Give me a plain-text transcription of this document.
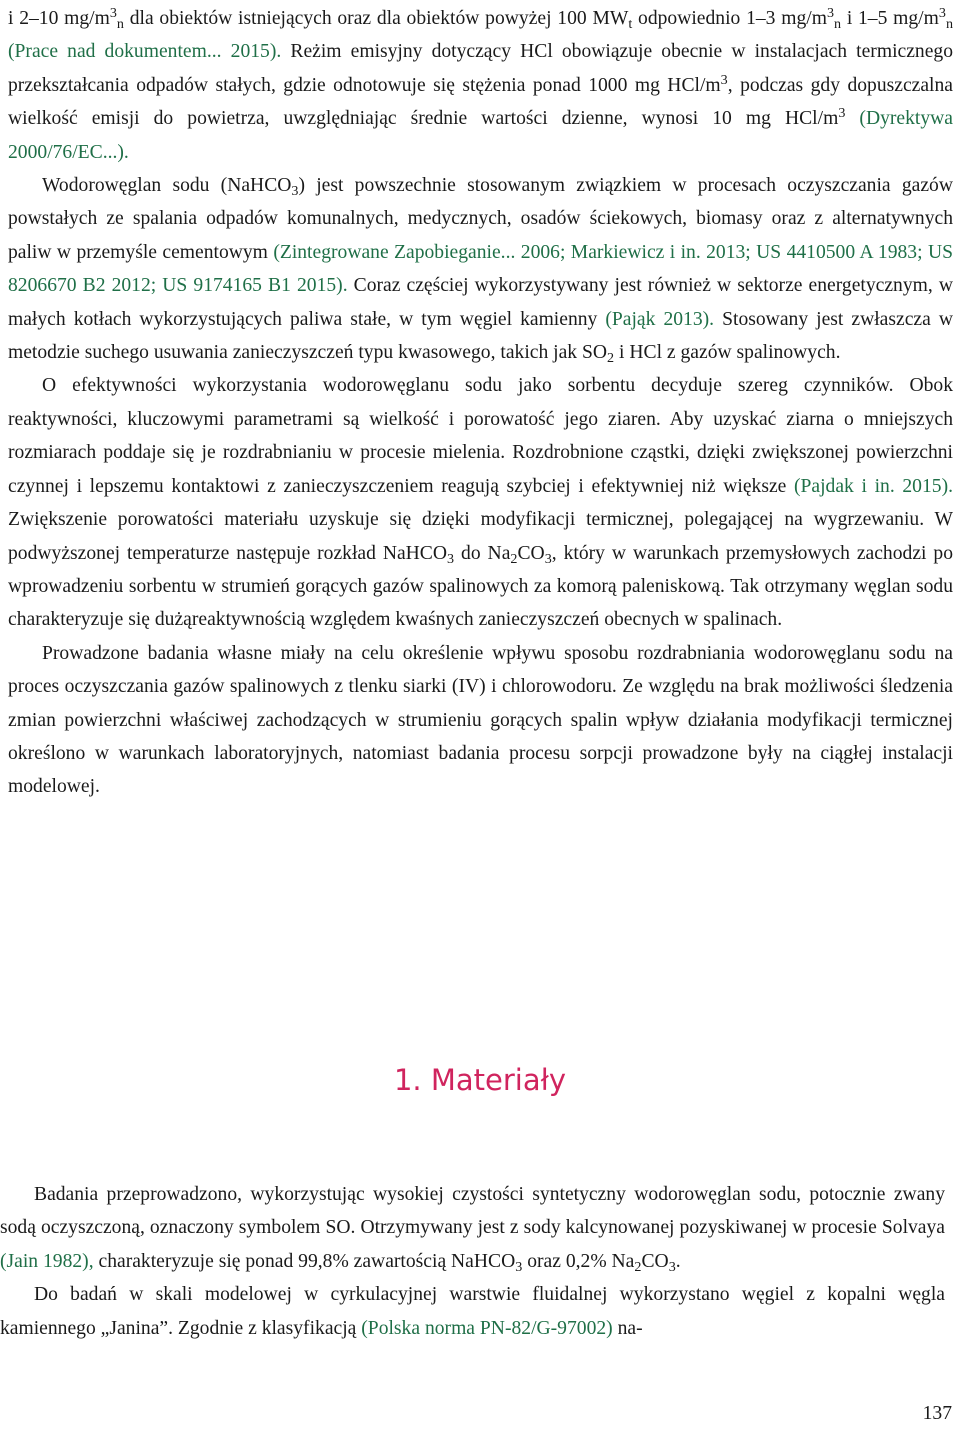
i 2–10 $mg/m^3_n$ dla obiektów istniejących oraz dla obiektów powyżej 100 $MW_t$ odpowiednio 1–3 $mg/m^3_n$ i 1–5 $mg/m^3_n$ (Prace nad dokumentem... 2015). Reżim emisyjny dotyczący HCl obowiązuje obecnie w instalacjach termicznego przekształcania odpadów stałych, gdzie odnotowuje się stężenia ponad 1000 mg HCl/$m^3$, podczas gdy dopuszczalna wielkość emisji do powietrza, uwzględniając średnie wartości dzienne, wynosi 10 mg HCl/$m^3$ (Dyrektywa 2000/76/EC...).

Wodorowęglan sodu (NaHCO$_3$) jest powszechnie stosowanym związkiem w procesach oczyszczania gazów powstałych ze spalania odpadów komunalnych, medycznych, osadów ściekowych, biomasy oraz z alternatywnych paliw w przemyśle cementowym (Zintegrowane Zapobieganie... 2006; Markiewicz i in. 2013; US 4410500 A 1983; US 8206670 B2 2012; US 9174165 B1 2015). Coraz częściej wykorzystywany jest również w sektorze energetycznym, w małych kotłach wykorzystujących paliwa stałe, w tym węgiel kamienny (Pająk 2013). Stosowany jest zwłaszcza w metodzie suchego usuwania zanieczyszczeń typu kwasowego, takich jak $SO_2$ i HCl z gazów spalinowych.

O efektywności wykorzystania wodorowęglanu sodu jako sorbentu decyduje szereg czynników. Obok reaktywności, kluczowymi parametrami są wielkość i porowatość jego ziaren. Aby uzyskać ziarna o mniejszych rozmiarach poddaje się je rozdrabnianiu w procesie mielenia. Rozdrobnione cząstki, dzięki zwiększonej powierzchni czynnej i lepszemu kontaktowi z zanieczyszczeniem reagują szybciej i efektywniej niż większe (Pajdak i in. 2015). Zwiększenie porowatości materiału uzyskuje się dzięki modyfikacji termicznej, polegającej na wygrzewaniu. W podwyższonej temperaturze następuje rozkład NaHCO$_3$ do $Na_2CO_3$, który w warunkach przemysłowych zachodzi po wprowadzeniu sorbentu w strumień gorących gazów spalinowych za komorą paleniskową. Tak otrzymany węglan sodu charakteryzuje się dużąreaktywnością względem kwaśnych zanieczyszczeń obecnych w spalinach.

Prowadzone badania własne miały na celu określenie wpływu sposobu rozdrabniania wodorowęglanu sodu na proces oczyszczania gazów spalinowych z tlenku siarki (IV) i chlorowodoru. Ze względu na brak możliwości śledzenia zmian powierzchni właściwej zachodzących w strumieniu gorących spalin wpływ działania modyfikacji termicznej określono w warunkach laboratoryjnych, natomiast badania procesu sorpcji prowadzone były na ciągłej instalacji modelowej.

1. Materiały

Badania przeprowadzono, wykorzystując wysokiej czystości syntetyczny wodorowęglan sodu, potocznie zwany sodą oczyszczoną, oznaczony symbolem SO. Otrzymywany jest z sody kalcynowanej pozyskiwanej w procesie Solvaya (Jain 1982), charakteryzuje się ponad 99,8% zawartością NaHCO$_3$ oraz 0,2% $Na_2CO_3$.

Do badań w skali modelowej w cyrkulacyjnej warstwie fluidalnej wykorzystano węgiel z kopalni węgla kamiennego „Janina”. Zgodnie z klasyfikacją (Polska norma PN-82/G-97002) na-

137
